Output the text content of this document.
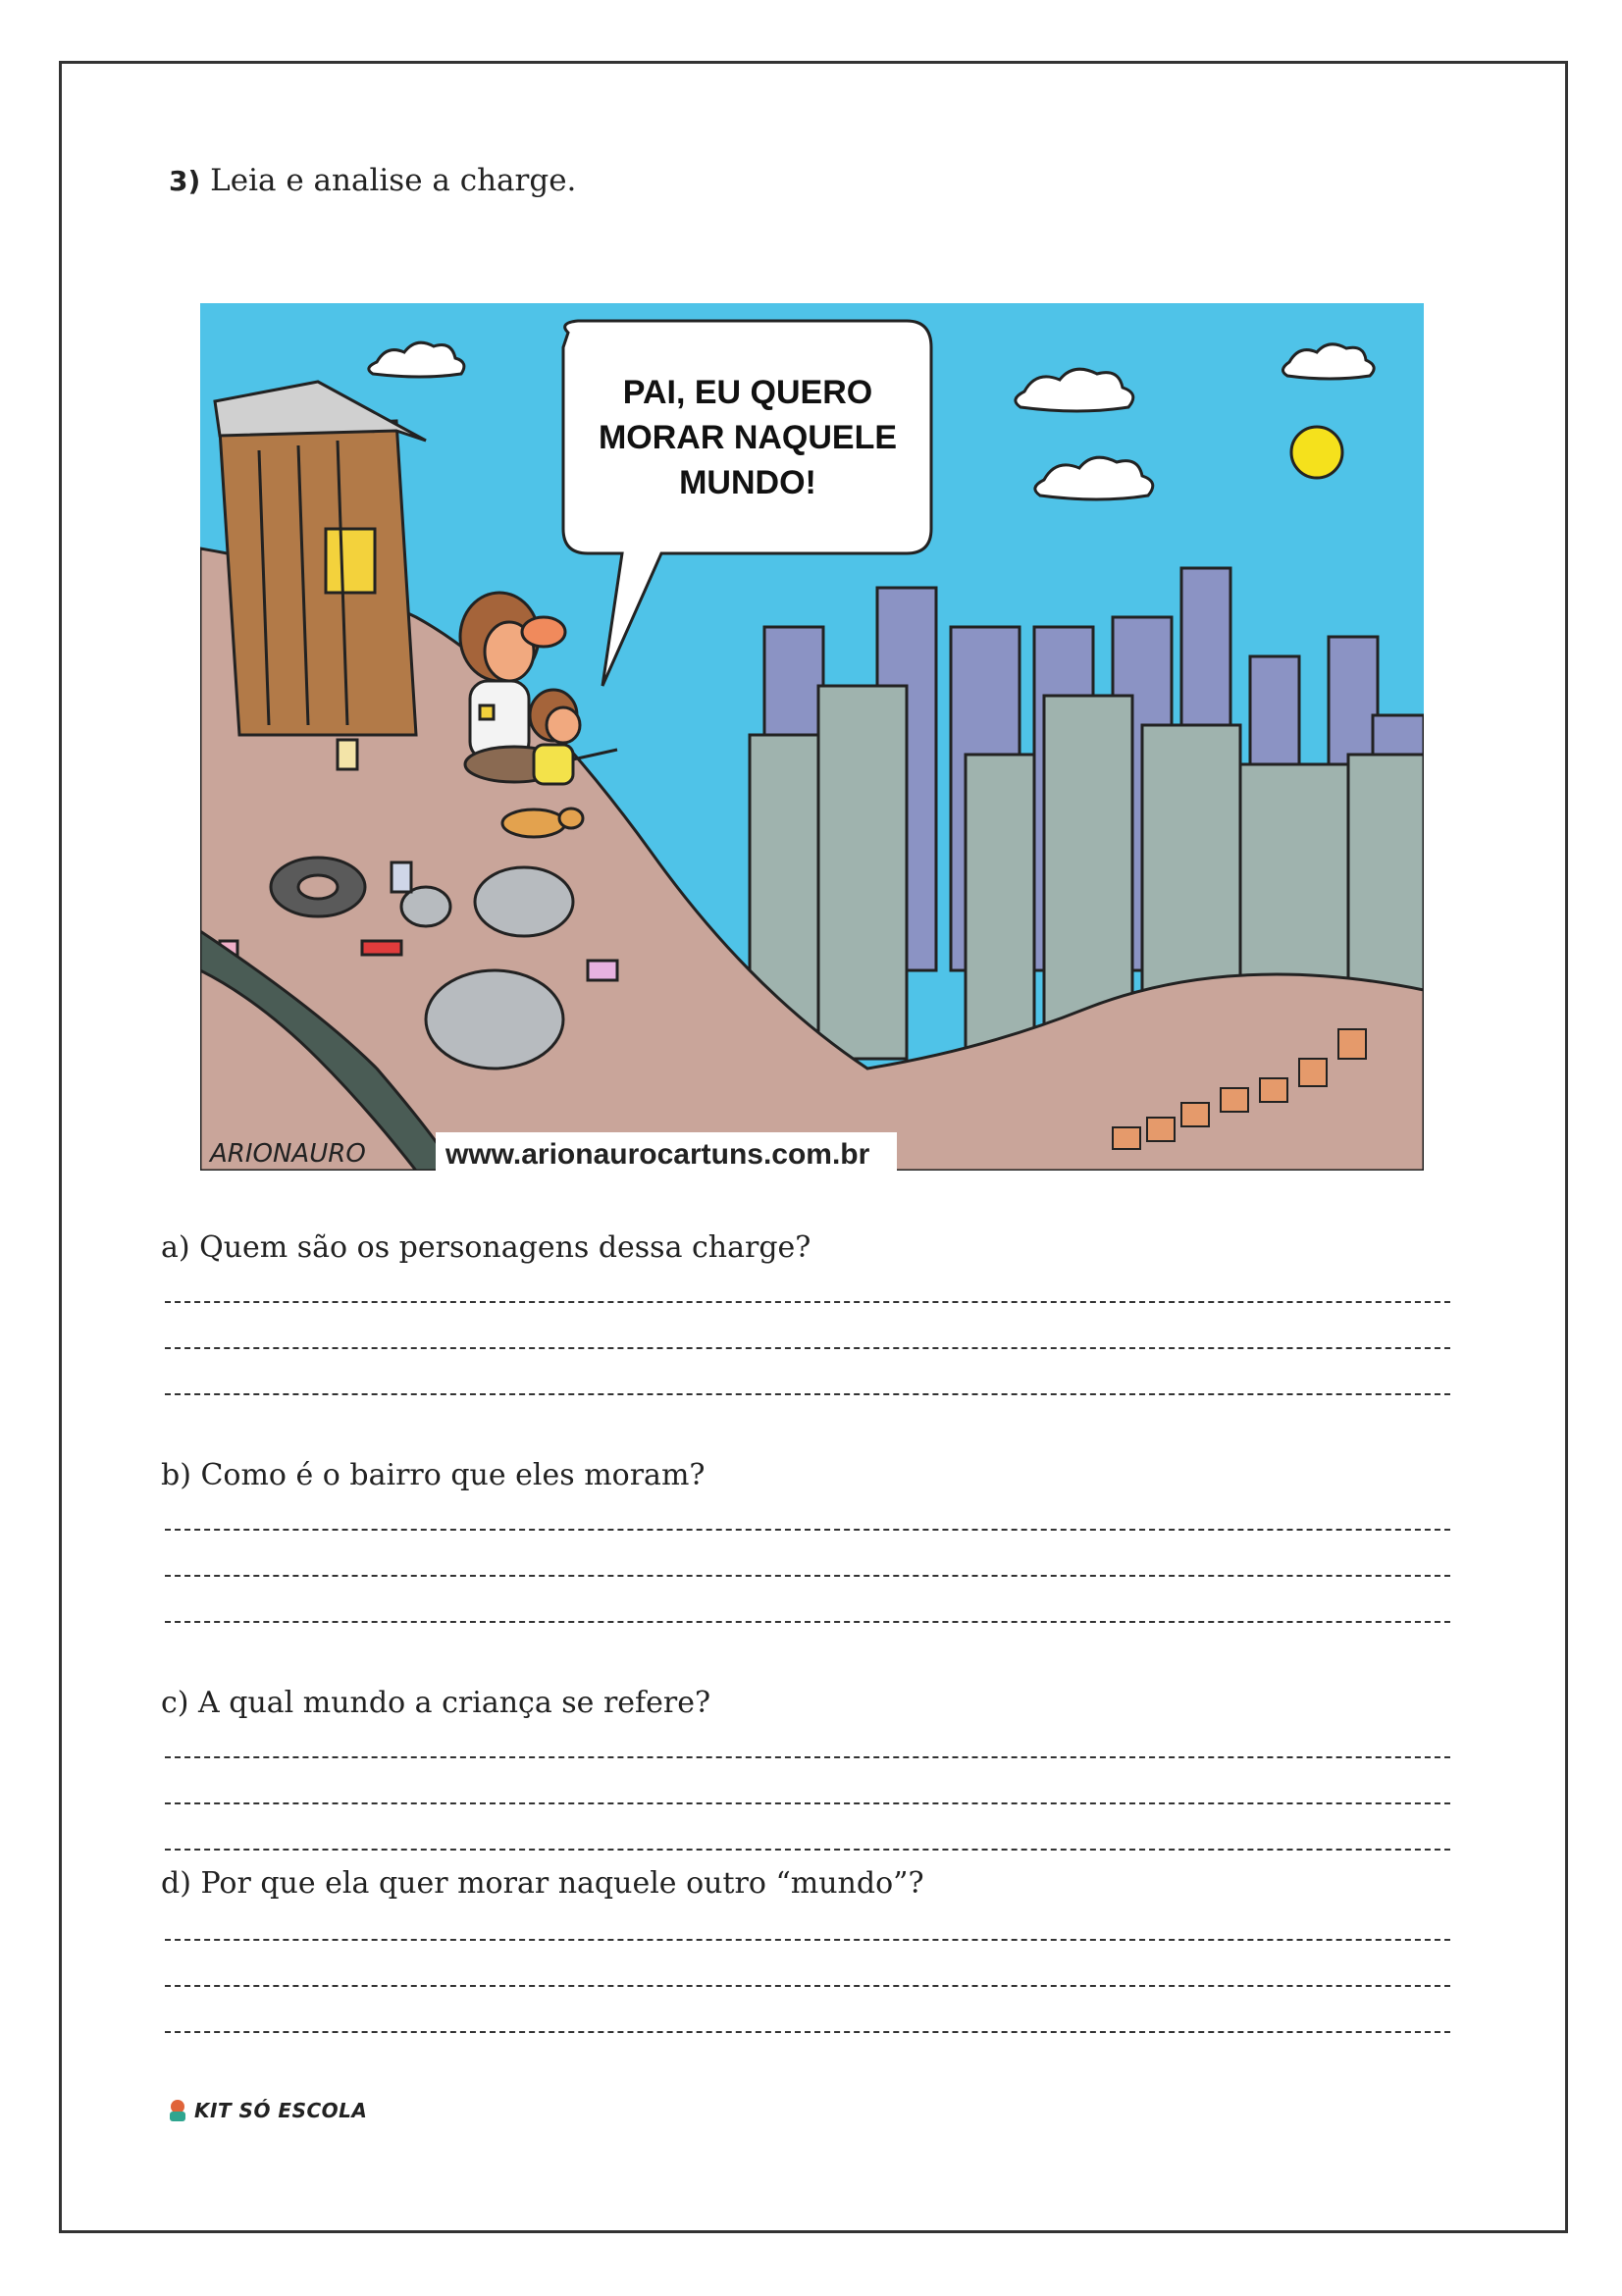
3) Leia e analise a charge.
PAI, EU QUERO
MORAR NAQUELE
MUNDO!
ARIONAURO	www.arionaurocartuns.com.br
a) Quem são os personagens dessa charge?
b) Como é o bairro que eles moram?
c) A qual mundo a criança se refere?
d) Por que ela quer morar naquele outro “mundo”?
KIT SÓ ESCOLA
